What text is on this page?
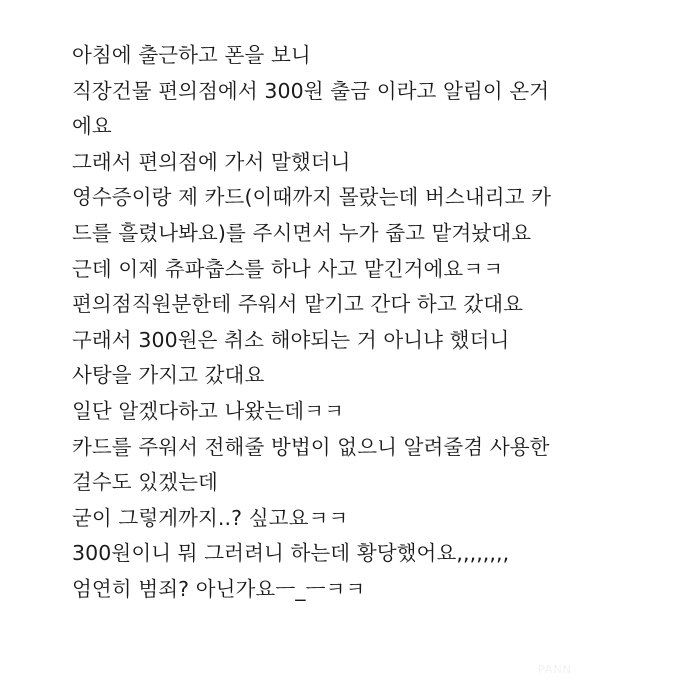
아침에 출근하고 폰을 보니
직장건물 편의점에서 300원 출금 이라고 알림이 온거
에요
그래서 편의점에 가서 말했더니
영수증이랑 제 카드(이때까지 몰랐는데 버스내리고 카
드를 흘렸나봐요)를 주시면서 누가 줍고 맡겨놨대요
근데 이제 츄파춥스를 하나 사고 맡긴거에요ㅋㅋ
편의점직원분한테 주워서 맡기고 간다 하고 갔대요
구래서 300원은 취소 해야되는 거 아니냐 했더니
사탕을 가지고 갔대요
일단 알겠다하고 나왔는데ㅋㅋ
카드를 주워서 전해줄 방법이 없으니 알려줄겸 사용한
걸수도 있겠는데
굳이 그렇게까지..? 싶고요ㅋㅋ
300원이니 뭐 그러려니 하는데 황당했어요,,,,,,,,
엄연히 범죄? 아닌가요ㅡ_ㅡㅋㅋ
PANN
